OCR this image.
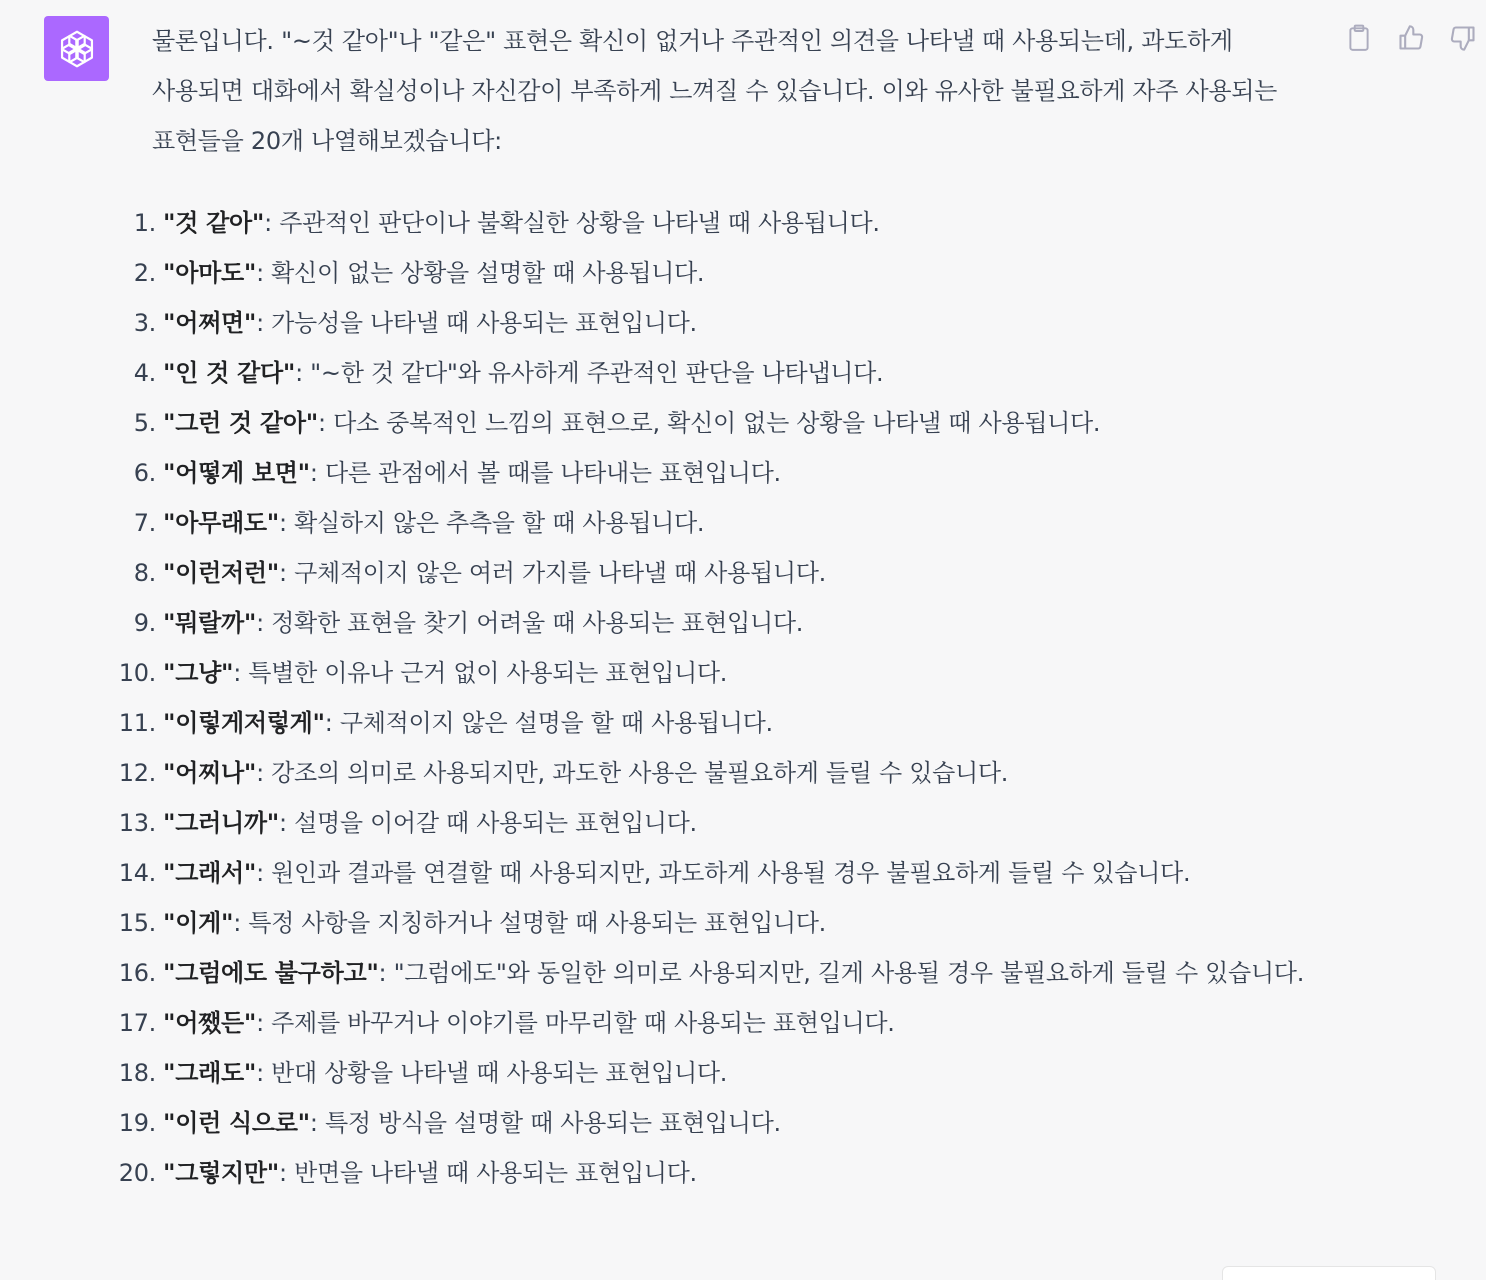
물론입니다. "~것 같아"나 "같은" 표현은 확신이 없거나 주관적인 의견을 나타낼 때 사용되는데, 과도하게 사용되면 대화에서 확실성이나 자신감이 부족하게 느껴질 수 있습니다. 이와 유사한 불필요하게 자주 사용되는 표현들을 20개 나열해보겠습니다:

1. "것 같아": 주관적인 판단이나 불확실한 상황을 나타낼 때 사용됩니다.
2. "아마도": 확신이 없는 상황을 설명할 때 사용됩니다.
3. "어쩌면": 가능성을 나타낼 때 사용되는 표현입니다.
4. "인 것 같다": "~한 것 같다"와 유사하게 주관적인 판단을 나타냅니다.
5. "그런 것 같아": 다소 중복적인 느낌의 표현으로, 확신이 없는 상황을 나타낼 때 사용됩니다.
6. "어떻게 보면": 다른 관점에서 볼 때를 나타내는 표현입니다.
7. "아무래도": 확실하지 않은 추측을 할 때 사용됩니다.
8. "이런저런": 구체적이지 않은 여러 가지를 나타낼 때 사용됩니다.
9. "뭐랄까": 정확한 표현을 찾기 어려울 때 사용되는 표현입니다.
10. "그냥": 특별한 이유나 근거 없이 사용되는 표현입니다.
11. "이렇게저렇게": 구체적이지 않은 설명을 할 때 사용됩니다.
12. "어찌나": 강조의 의미로 사용되지만, 과도한 사용은 불필요하게 들릴 수 있습니다.
13. "그러니까": 설명을 이어갈 때 사용되는 표현입니다.
14. "그래서": 원인과 결과를 연결할 때 사용되지만, 과도하게 사용될 경우 불필요하게 들릴 수 있습니다.
15. "이게": 특정 사항을 지칭하거나 설명할 때 사용되는 표현입니다.
16. "그럼에도 불구하고": "그럼에도"와 동일한 의미로 사용되지만, 길게 사용될 경우 불필요하게 들릴 수 있습니다.
17. "어쨌든": 주제를 바꾸거나 이야기를 마무리할 때 사용되는 표현입니다.
18. "그래도": 반대 상황을 나타낼 때 사용되는 표현입니다.
19. "이런 식으로": 특정 방식을 설명할 때 사용되는 표현입니다.
20. "그렇지만": 반면을 나타낼 때 사용되는 표현입니다.
